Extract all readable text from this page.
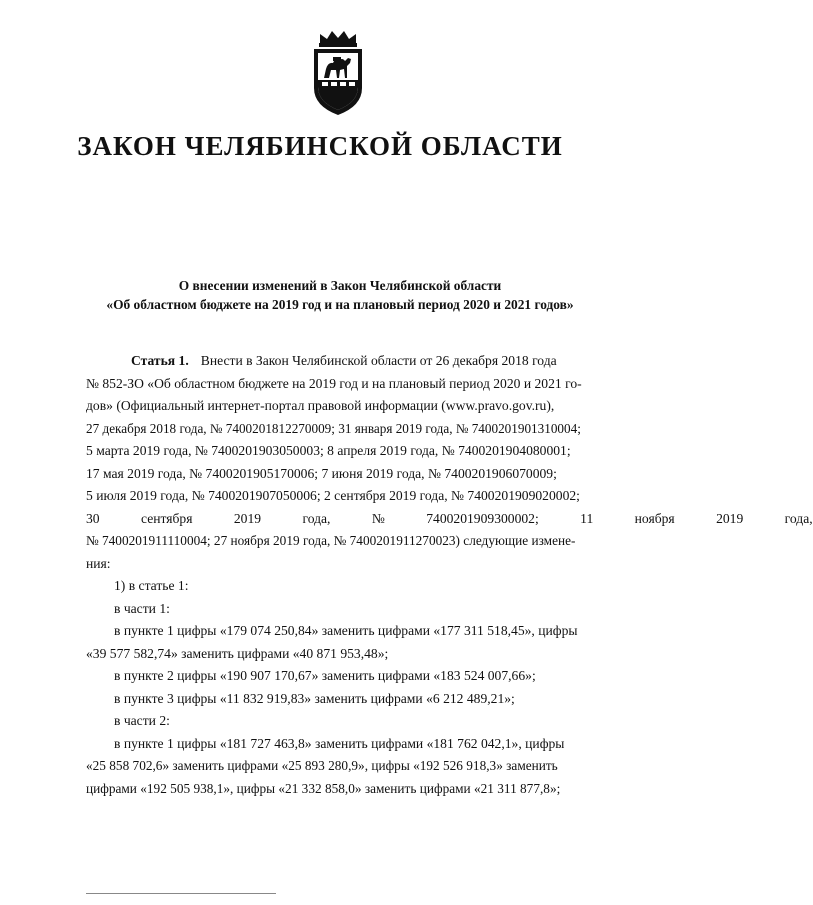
ЗАКОН ЧЕЛЯБИНСКОЙ ОБЛАСТИ
О внесении изменений в Закон Челябинской области
«Об областном бюджете на 2019 год и на плановый период 2020 и 2021 годов»
Статья 1. Внести в Закон Челябинской области от 26 декабря 2018 года
№ 852-ЗО «Об областном бюджете на 2019 год и на плановый период 2020 и 2021 го-
дов» (Официальный интернет-портал правовой информации (www.pravo.gov.ru),
27 декабря 2018 года, № 7400201812270009; 31 января 2019 года, № 7400201901310004;
5 марта 2019 года, № 7400201903050003; 8 апреля 2019 года, № 7400201904080001;
17 мая 2019 года, № 7400201905170006; 7 июня 2019 года, № 7400201906070009;
5 июля 2019 года, № 7400201907050006; 2 сентября 2019 года, № 7400201909020002;
30 сентября 2019 года, № 7400201909300002; 11 ноября 2019 года,
№ 7400201911110004; 27 ноября 2019 года, № 7400201911270023) следующие измене-
ния:
1) в статье 1:
в части 1:
в пункте 1 цифры «179 074 250,84» заменить цифрами «177 311 518,45», цифры
«39 577 582,74» заменить цифрами «40 871 953,48»;
в пункте 2 цифры «190 907 170,67» заменить цифрами «183 524 007,66»;
в пункте 3 цифры «11 832 919,83» заменить цифрами «6 212 489,21»;
в части 2:
в пункте 1 цифры «181 727 463,8» заменить цифрами «181 762 042,1», цифры
«25 858 702,6» заменить цифрами «25 893 280,9», цифры «192 526 918,3» заменить
цифрами «192 505 938,1», цифры «21 332 858,0» заменить цифрами «21 311 877,8»;
